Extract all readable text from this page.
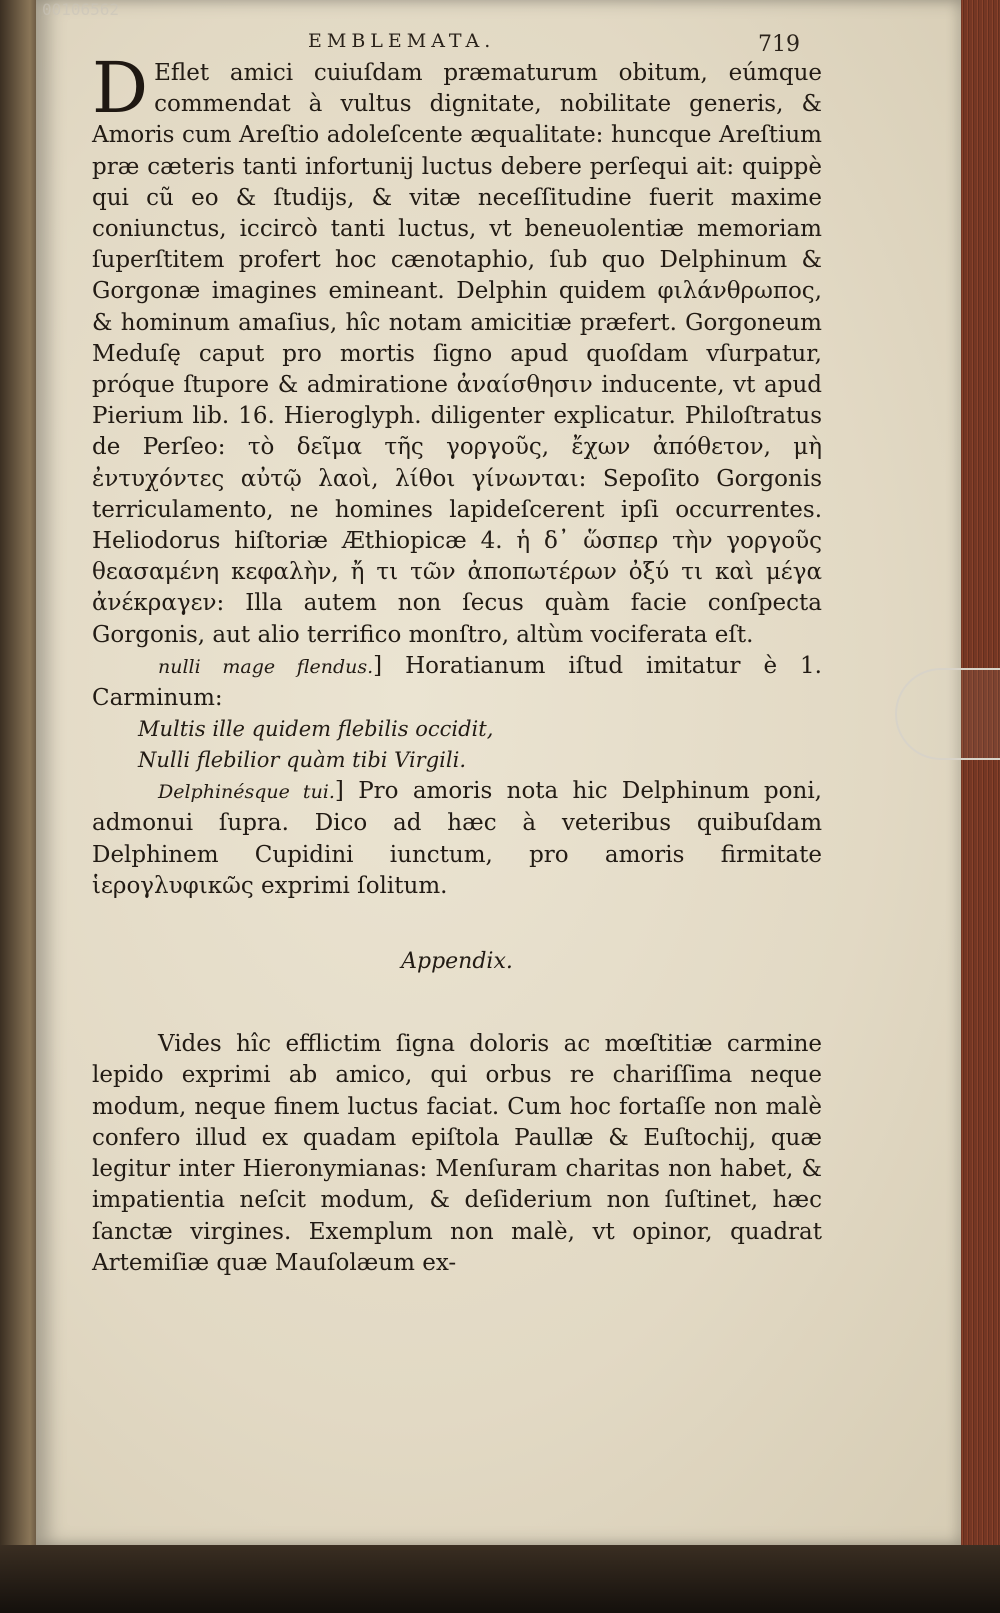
EMBLEMATA.	719

D Eflet amici cuiuſdam præmaturum obitum, eúmque commendat à vultus dignitate, nobilitate generis, & Amoris cum Areſtio adoleſcente æqualitate: huncque Areſtium præ cæteris tanti infortunij luctus debere perſequi ait: quippè qui cũ eo & ſtudijs, & vitæ neceſſitudine fuerit maxime coniunctus, iccircò tanti luctus, vt beneuolentiæ memoriam ſuperſtitem profert hoc cænotaphio, ſub quo Delphinum & Gorgonæ imagines emineant. Delphin quidem φιλάνθρωπος, & hominum amaſius, hîc notam amicitiæ præfert. Gorgoneum Meduſę caput pro mortis ſigno apud quoſdam vſurpatur, próque ſtupore & admiratione ἀναίσθησιν inducente, vt apud Pierium lib. 16. Hieroglyph. diligenter explicatur. Philoſtratus de Perſeo: τὸ δεῖμα τῆς γοργοῦς, ἔχων ἀπόθετον, μὴ ἐντυχόντες αὐτῷ λαοὶ, λίθοι γίνωνται: Sepoſito Gorgonis terriculamento, ne homines lapideſcerent ipſi occurrentes. Heliodorus hiſtoriæ Æthiopicæ 4. ἡ δ᾽ ὥσπερ τὴν γοργοῦς θεασαμένη κεφαλὴν, ἤ τι τῶν ἀποπωτέρων ὀξύ τι καὶ μέγα ἀνέκραγεν: Illa autem non ſecus quàm facie conſpecta Gorgonis, aut alio terrifico monſtro, altùm vociferata eſt.

nulli mage flendus.] Horatianum iſtud imitatur è 1. Carminum:

Multis ille quidem flebilis occidit,
Nulli flebilior quàm tibi Virgili.

Delphinésque tui.] Pro amoris nota hic Delphinum poni, admonui ſupra. Dico ad hæc à veteribus quibuſdam Delphinem Cupidini iunctum, pro amoris firmitate ἱερογλυφικῶς exprimi ſolitum.

Appendix.

Vides hîc efflictim ſigna doloris ac mœſtitiæ carmine lepido exprimi ab amico, qui orbus re chariſſima neque modum, neque finem luctus faciat. Cum hoc fortaſſe non malè confero illud ex quadam epiſtola Paullæ & Euſtochij, quæ legitur inter Hieronymianas: Menſuram charitas non habet, & impatientia neſcit modum, & deſiderium non ſuſtinet, hæc ſanctæ virgines. Exemplum non malè, vt opinor, quadrat Artemiſiæ quæ Mauſolæum ex-

00106562
